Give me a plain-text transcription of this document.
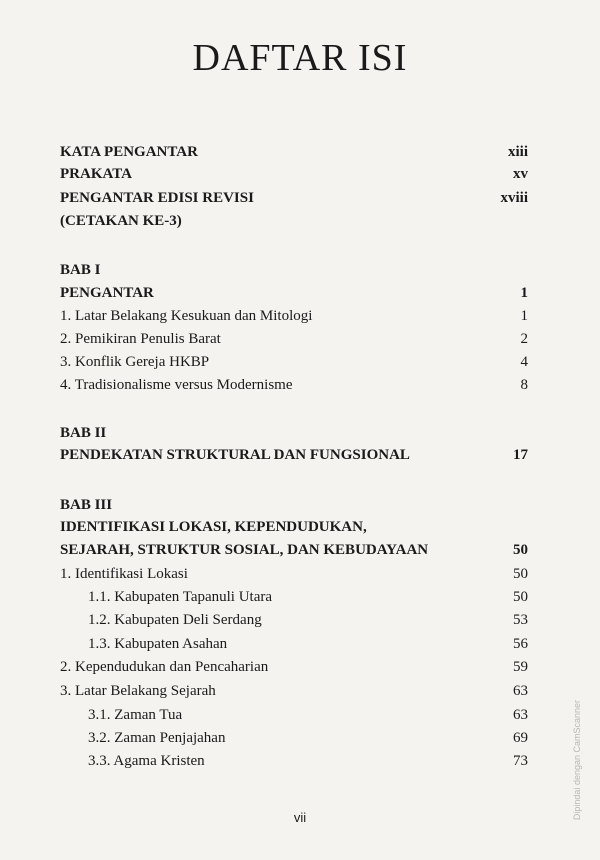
DAFTAR ISI
KATA PENGANTAR	xiii
PRAKATA	xv
PENGANTAR EDISI REVISI	xviii
(CETAKAN KE-3)
BAB I
PENGANTAR	1
1. Latar Belakang Kesukuan dan Mitologi	1
2. Pemikiran Penulis Barat	2
3. Konflik Gereja HKBP	4
4. Tradisionalisme versus Modernisme	8
BAB II
PENDEKATAN STRUKTURAL DAN FUNGSIONAL	17
BAB III
IDENTIFIKASI LOKASI, KEPENDUDUKAN,
SEJARAH, STRUKTUR SOSIAL, DAN KEBUDAYAAN	50
1. Identifikasi Lokasi	50
1.1. Kabupaten Tapanuli Utara	50
1.2. Kabupaten Deli Serdang	53
1.3. Kabupaten Asahan	56
2. Kependudukan dan Pencaharian	59
3. Latar Belakang Sejarah	63
3.1. Zaman Tua	63
3.2. Zaman Penjajahan	69
3.3. Agama Kristen	73
vii	Dipindai dengan CamScanner
